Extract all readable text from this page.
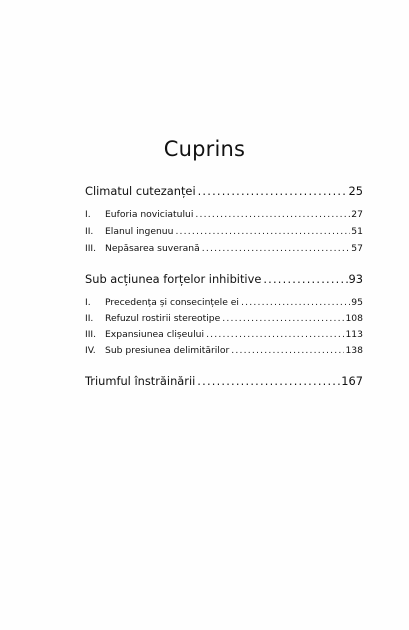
Cuprins
Climatul cutezanței .....	25
I.	Euforia noviciatului .....	27
II.	Elanul ingenuu .....	51
III. Nepăsarea suverană .....	57
Sub acțiunea forțelor inhibitive .....	93
I.	Precedența și consecințele ei .....	95
II.	Refuzul rostirii stereotipe .....	108
III. Expansiunea clișeului .....	113
IV.	Sub presiunea delimitărilor .....	138
Triumful înstrăinării .....	167
